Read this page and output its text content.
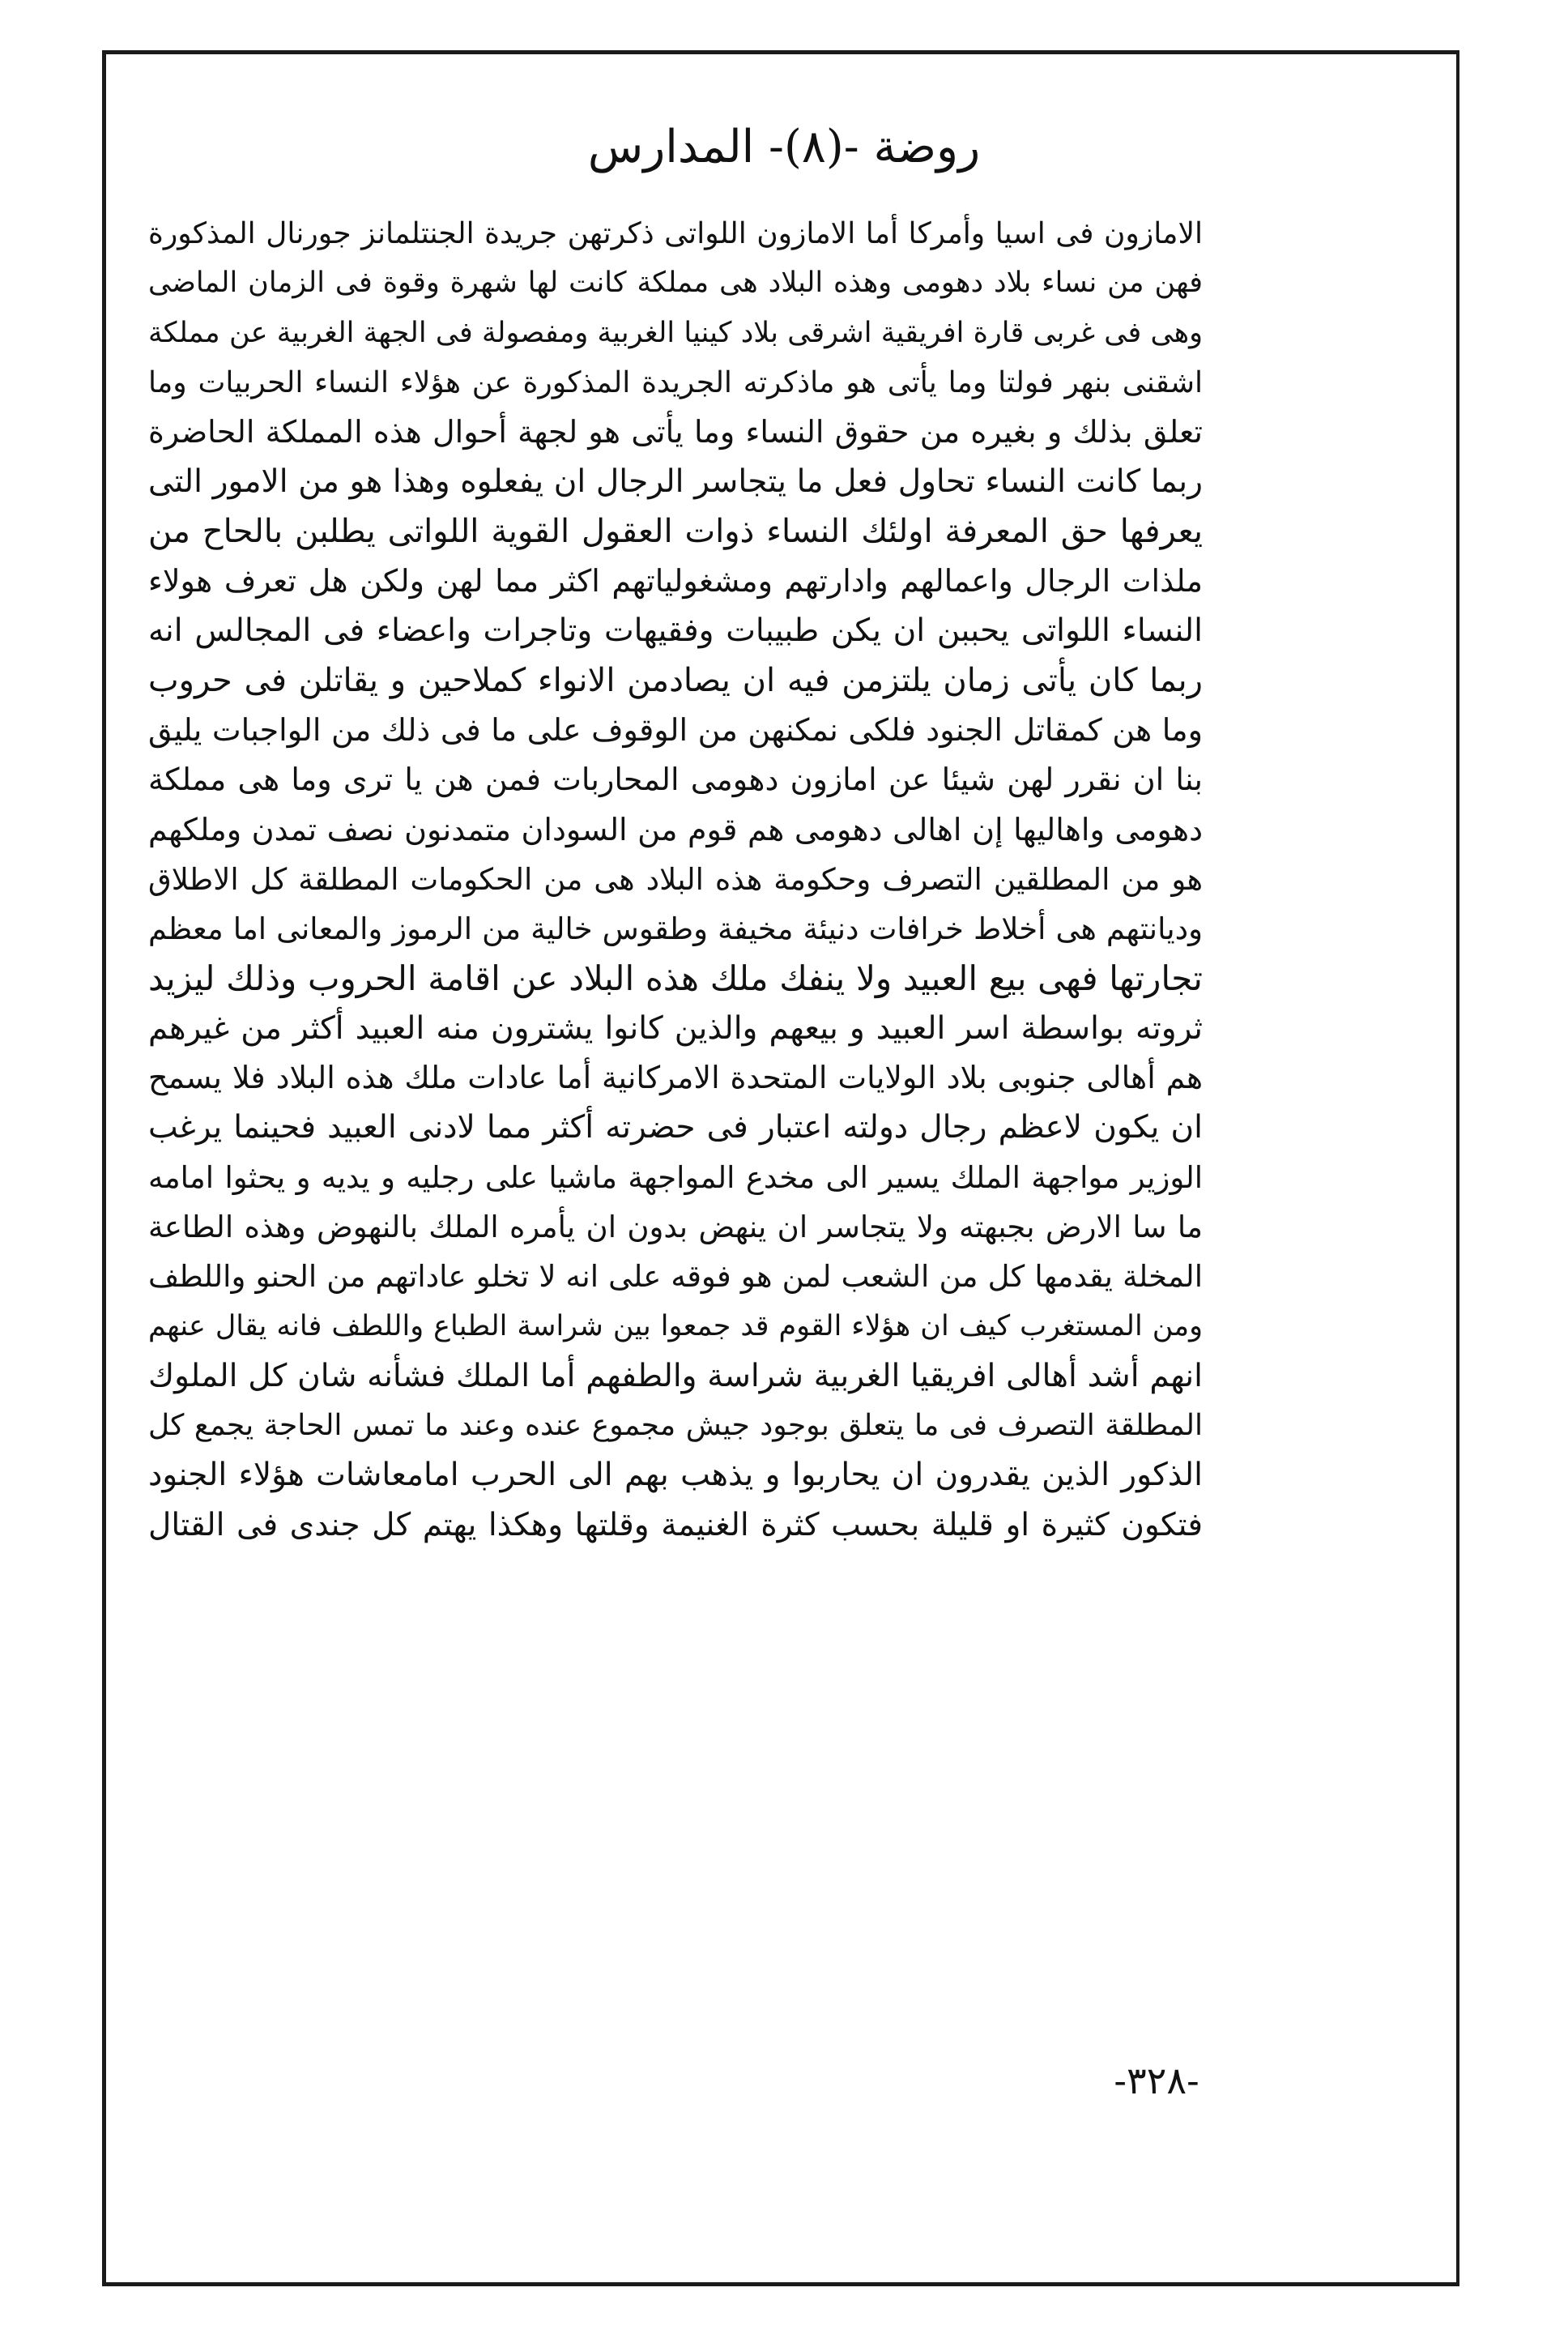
روضة -(٨)- المدارس
الامازون فى اسيا وأمركا أما الامازون اللواتى ذكرتهن جريدة الجنتلمانز جورنال المذكورة
فهن من نساء بلاد دهومى وهذه البلاد هى مملكة كانت لها شهرة وقوة فى الزمان الماضى
وهى فى غربى قارة افريقية اشرقى بلاد كينيا الغربية ومفصولة فى الجهة الغربية عن مملكة
اشقنى بنهر فولتا وما يأتى هو ماذكرته الجريدة المذكورة عن هؤلاء النساء الحربيات وما
تعلق بذلك و بغيره من حقوق النساء وما يأتى هو لجهة أحوال هذه المملكة الحاضرة
ربما كانت النساء تحاول فعل ما يتجاسر الرجال ان يفعلوه وهذا هو من الامور التى
يعرفها حق المعرفة اولئك النساء ذوات العقول القوية اللواتى يطلبن بالحاح من
ملذات الرجال واعمالهم وادارتهم ومشغولياتهم اكثر مما لهن ولكن هل تعرف هولاء
النساء اللواتى يحببن ان يكن طبيبات وفقيهات وتاجرات واعضاء فى المجالس انه
ربما كان يأتى زمان يلتزمن فيه ان يصادمن الانواء كملاحين و يقاتلن فى حروب
وما هن كمقاتل الجنود فلكى نمكنهن من الوقوف على ما فى ذلك من الواجبات يليق
بنا ان نقرر لهن شيئا عن امازون دهومى المحاربات فمن هن يا ترى وما هى مملكة
دهومى واهاليها إن اهالى دهومى هم قوم من السودان متمدنون نصف تمدن وملكهم
هو من المطلقين التصرف وحكومة هذه البلاد هى من الحكومات المطلقة كل الاطلاق
وديانتهم هى أخلاط خرافات دنيئة مخيفة وطقوس خالية من الرموز والمعانى اما معظم
تجارتها فهى بيع العبيد ولا ينفك ملك هذه البلاد عن اقامة الحروب وذلك ليزيد
ثروته بواسطة اسر العبيد و بيعهم والذين كانوا يشترون منه العبيد أكثر من غيرهم
هم أهالى جنوبى بلاد الولايات المتحدة الامركانية أما عادات ملك هذه البلاد فلا يسمح
ان يكون لاعظم رجال دولته اعتبار فى حضرته أكثر مما لادنى العبيد فحينما يرغب
الوزير مواجهة الملك يسير الى مخدع المواجهة ماشيا على رجليه و يديه و يحثوا امامه
ما سا الارض بجبهته ولا يتجاسر ان ينهض بدون ان يأمره الملك بالنهوض وهذه الطاعة
المخلة يقدمها كل من الشعب لمن هو فوقه على انه لا تخلو عاداتهم من الحنو واللطف
ومن المستغرب كيف ان هؤلاء القوم قد جمعوا بين شراسة الطباع واللطف فانه يقال عنهم
انهم أشد أهالى افريقيا الغربية شراسة والطفهم أما الملك فشأنه شان كل الملوك
المطلقة التصرف فى ما يتعلق بوجود جيش مجموع عنده وعند ما تمس الحاجة يجمع كل
الذكور الذين يقدرون ان يحاربوا و يذهب بهم الى الحرب امامعاشات هؤلاء الجنود
فتكون كثيرة او قليلة بحسب كثرة الغنيمة وقلتها وهكذا يهتم كل جندى فى القتال
-٣٢٨-
